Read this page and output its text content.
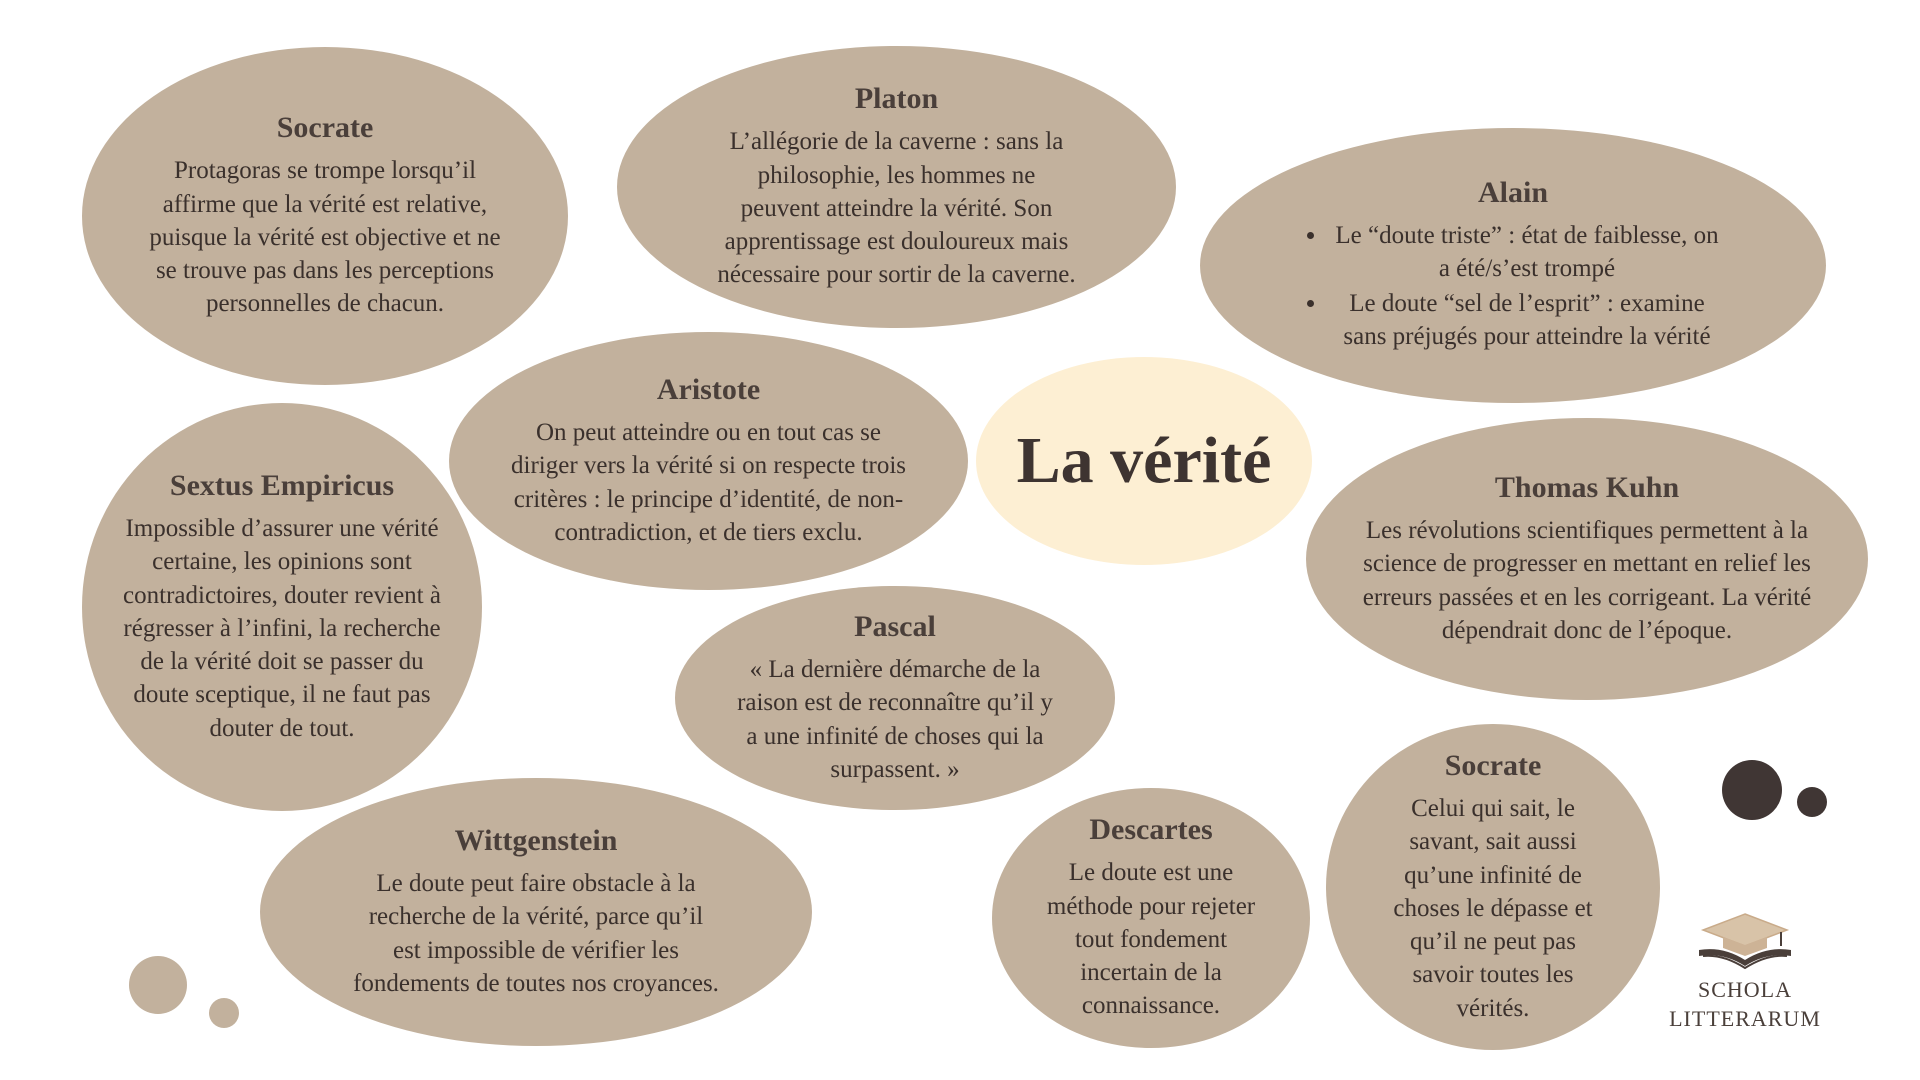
Socrate
Protagoras se trompe lorsqu’il affirme que la vérité est relative, puisque la vérité est objective et ne se trouve pas dans les perceptions personnelles de chacun.
Platon
L’allégorie de la caverne : sans la philosophie, les hommes ne peuvent atteindre la vérité. Son apprentissage est douloureux mais nécessaire pour sortir de la caverne.
Alain
• Le “doute triste” : état de faiblesse, on a été/s’est trompé
• Le doute “sel de l’esprit” : examine sans préjugés pour atteindre la vérité
Aristote
On peut atteindre ou en tout cas se diriger vers la vérité si on respecte trois critères : le principe d’identité, de non-contradiction, et de tiers exclu.
Sextus Empiricus
Impossible d’assurer une vérité certaine, les opinions sont contradictoires, douter revient à régresser à l’infini, la recherche de la vérité doit se passer du doute sceptique, il ne faut pas douter de tout.
La vérité	Thomas Kuhn
Les révolutions scientifiques permettent à la science de progresser en mettant en relief les erreurs passées et en les corrigeant. La vérité dépendrait donc de l’époque.
Pascal
« La dernière démarche de la raison est de reconnaître qu’il y a une infinité de choses qui la surpassent. »
Wittgenstein
Le doute peut faire obstacle à la recherche de la vérité, parce qu’il est impossible de vérifier les fondements de toutes nos croyances.
Descartes
Le doute est une méthode pour rejeter tout fondement incertain de la connaissance.
Socrate
Celui qui sait, le savant, sait aussi qu’une infinité de choses le dépasse et qu’il ne peut pas savoir toutes les vérités.
SCHOLA
LITTERARUM
